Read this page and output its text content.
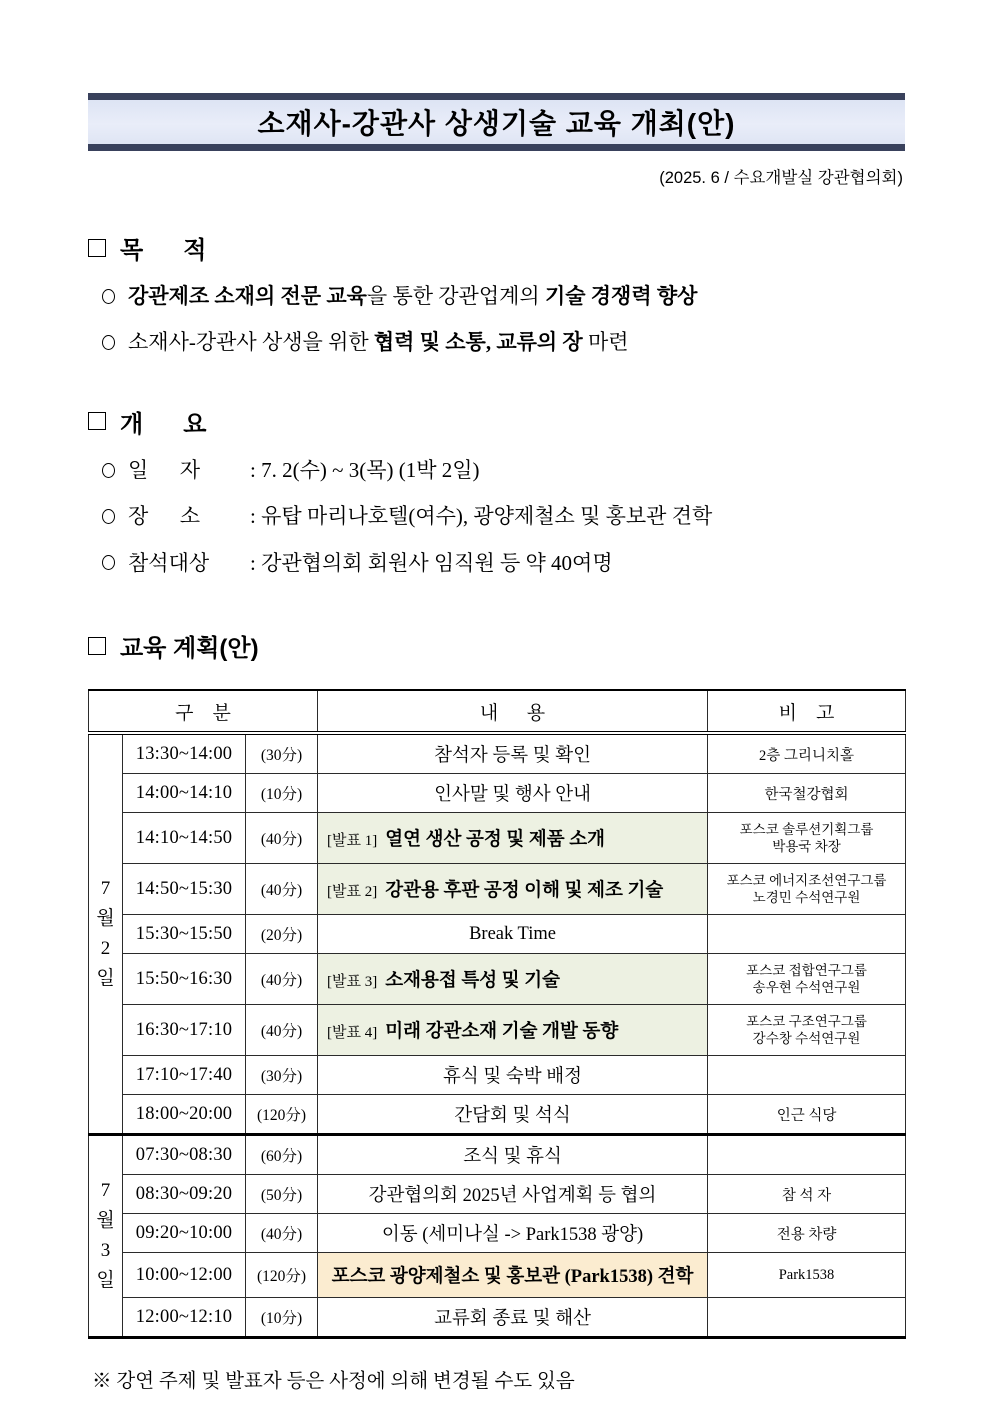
소재사-강관사 상생기술 교육 개최(안)
(2025. 6 / 수요개발실 강관협의회)
목      적
강관제조 소재의 전문 교육을 통한 강관업계의 기술 경쟁력 향상
소재사-강관사 상생을 위한 협력 및 소통, 교류의 장 마련
개      요
일      자 : 7. 2(수) ~ 3(목) (1박 2일)
장      소 : 유탑 마리나호텔(여수), 광양제철소 및 홍보관 견학
참석대상 : 강관협의회 회원사 임직원 등 약 40여명
교육 계획(안)
구    분			내      용	비    고

7
월
2
일	13:30~14:00	(30分)	참석자 등록 및 확인	2층 그리니치홀
	14:00~14:10	(10分)	인사말 및 행사 안내	한국철강협회
	14:10~14:50	(40分)	[발표 1] 열연 생산 공정 및 제품 소개	포스코 솔루션기획그룹
박용국 차장

	14:50~15:30	(40分)	[발표 2] 강관용 후판 공정 이해 및 제조 기술	포스코 에너지조선연구그룹
노경민 수석연구원

	15:30~15:50	(20分)	Break Time	
	15:50~16:30	(40分)	[발표 3] 소재용접 특성 및 기술	포스코 접합연구그룹
송우현 수석연구원

	16:30~17:10	(40分)	[발표 4] 미래 강관소재 기술 개발 동향	포스코 구조연구그룹
강수창 수석연구원

	17:10~17:40	(30分)	휴식 및 숙박 배정	
	18:00~20:00	(120分)	간담회 및 석식	인근 식당

7
월
3
일	07:30~08:30	(60分)	조식 및 휴식	
	08:30~09:20	(50分)	강관협의회 2025년 사업계획 등 협의	참 석 자
	09:20~10:00	(40分)	이동 (세미나실 -> Park1538 광양)	전용 차량
	10:00~12:00	(120分)	포스코 광양제철소 및 홍보관 (Park1538) 견학	Park1538
	12:00~12:10	(10分)	교류회 종료 및 해산	
※ 강연 주제 및 발표자 등은 사정에 의해 변경될 수도 있음
